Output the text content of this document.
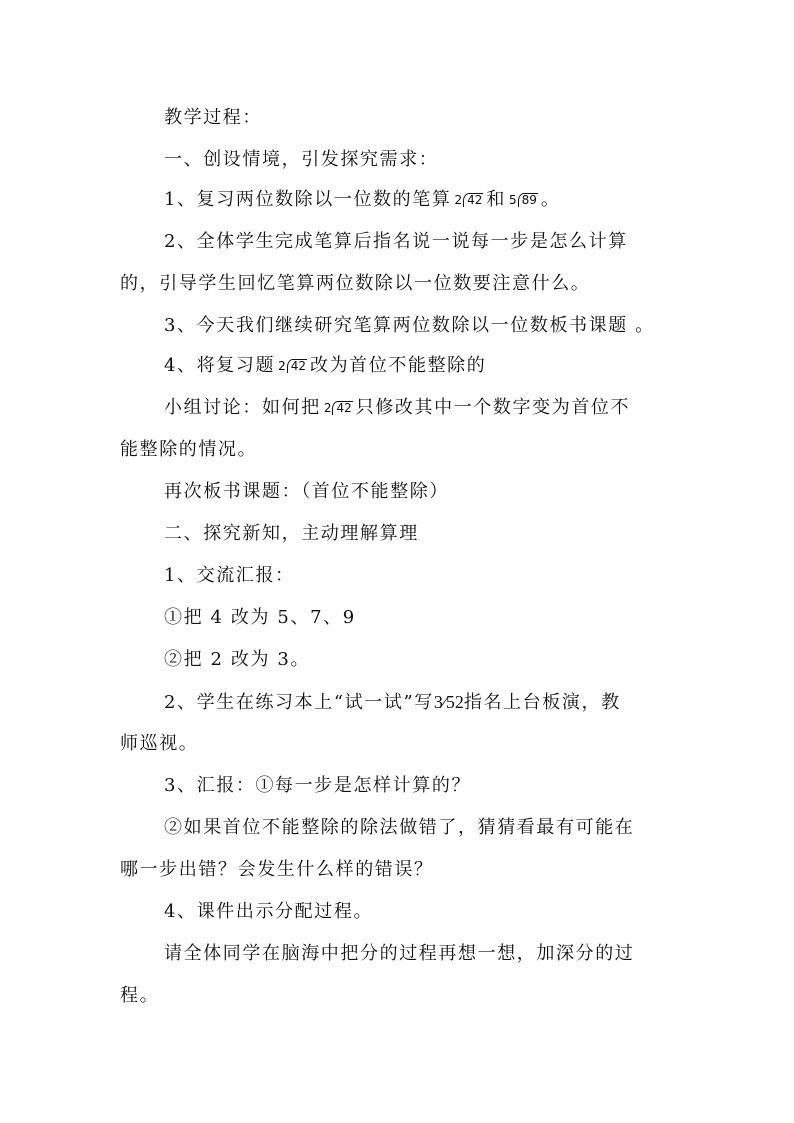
教学过程：
一、创设情境，引发探究需求：
1、复习两位数除以一位数的笔算 2 42 和 5 89 。
2、全体学生完成笔算后指名说一说每一步是怎么计算
的，引导学生回忆笔算两位数除以一位数要注意什么。
3、今天我们继续研究笔算两位数除以一位数板书课题 。
4、将复习题 2 42 改为首位不能整除的
小组讨论：如何把 2 42 只修改其中一个数字变为首位不
能整除的情况。
再次板书课题：（首位不能整除）
二、探究新知，主动理解算理
1、交流汇报：
①把 4 改为 5、7、9
②把 2 改为 3。
2、学生在练习本上“试一试”写3⁄52指名上台板演，教
师巡视。
3、汇报：①每一步是怎样计算的？
②如果首位不能整除的除法做错了，猜猜看最有可能在
哪一步出错？会发生什么样的错误？
4、课件出示分配过程。
请全体同学在脑海中把分的过程再想一想，加深分的过
程。
